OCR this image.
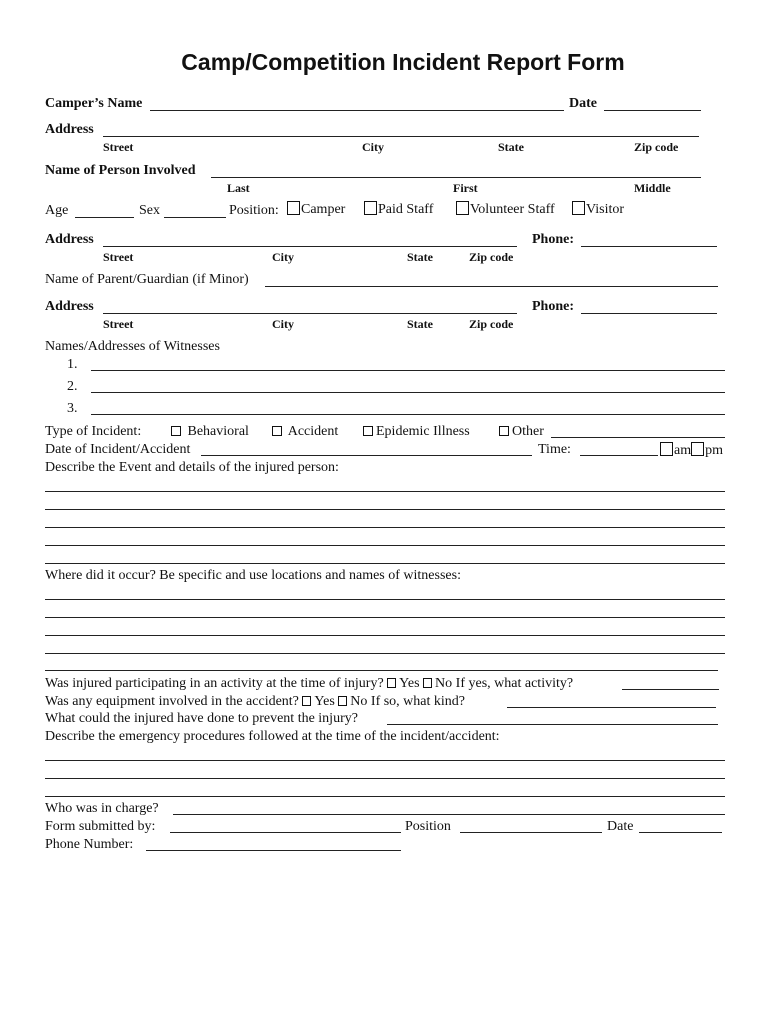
Camp/Competition Incident Report Form
Camper’s Name	Date
Address
Street	City	State	Zip code
Name of Person Involved
Last	First	Middle
Age	Sex	Position:	Camper	Paid Staff	Volunteer Staff	Visitor
Address	Phone:
Street	City	State	Zip code
Name of Parent/Guardian (if Minor)
Address	Phone:
Street	City	State	Zip code
Names/Addresses of Witnesses
1.
2.
3.
Type of Incident:	Behavioral	Accident	Epidemic Illness	Other
Date of Incident/Accident	Time:	am pm
Describe the Event and details of the injured person:
Where did it occur? Be specific and use locations and names of witnesses:
Was injured participating in an activity at the time of injury? Yes No If yes, what activity?
Was any equipment involved in the accident? Yes No If so, what kind?
What could the injured have done to prevent the injury?
Describe the emergency procedures followed at the time of the incident/accident:
Who was in charge?
Form submitted by:	Position	Date
Phone Number:
